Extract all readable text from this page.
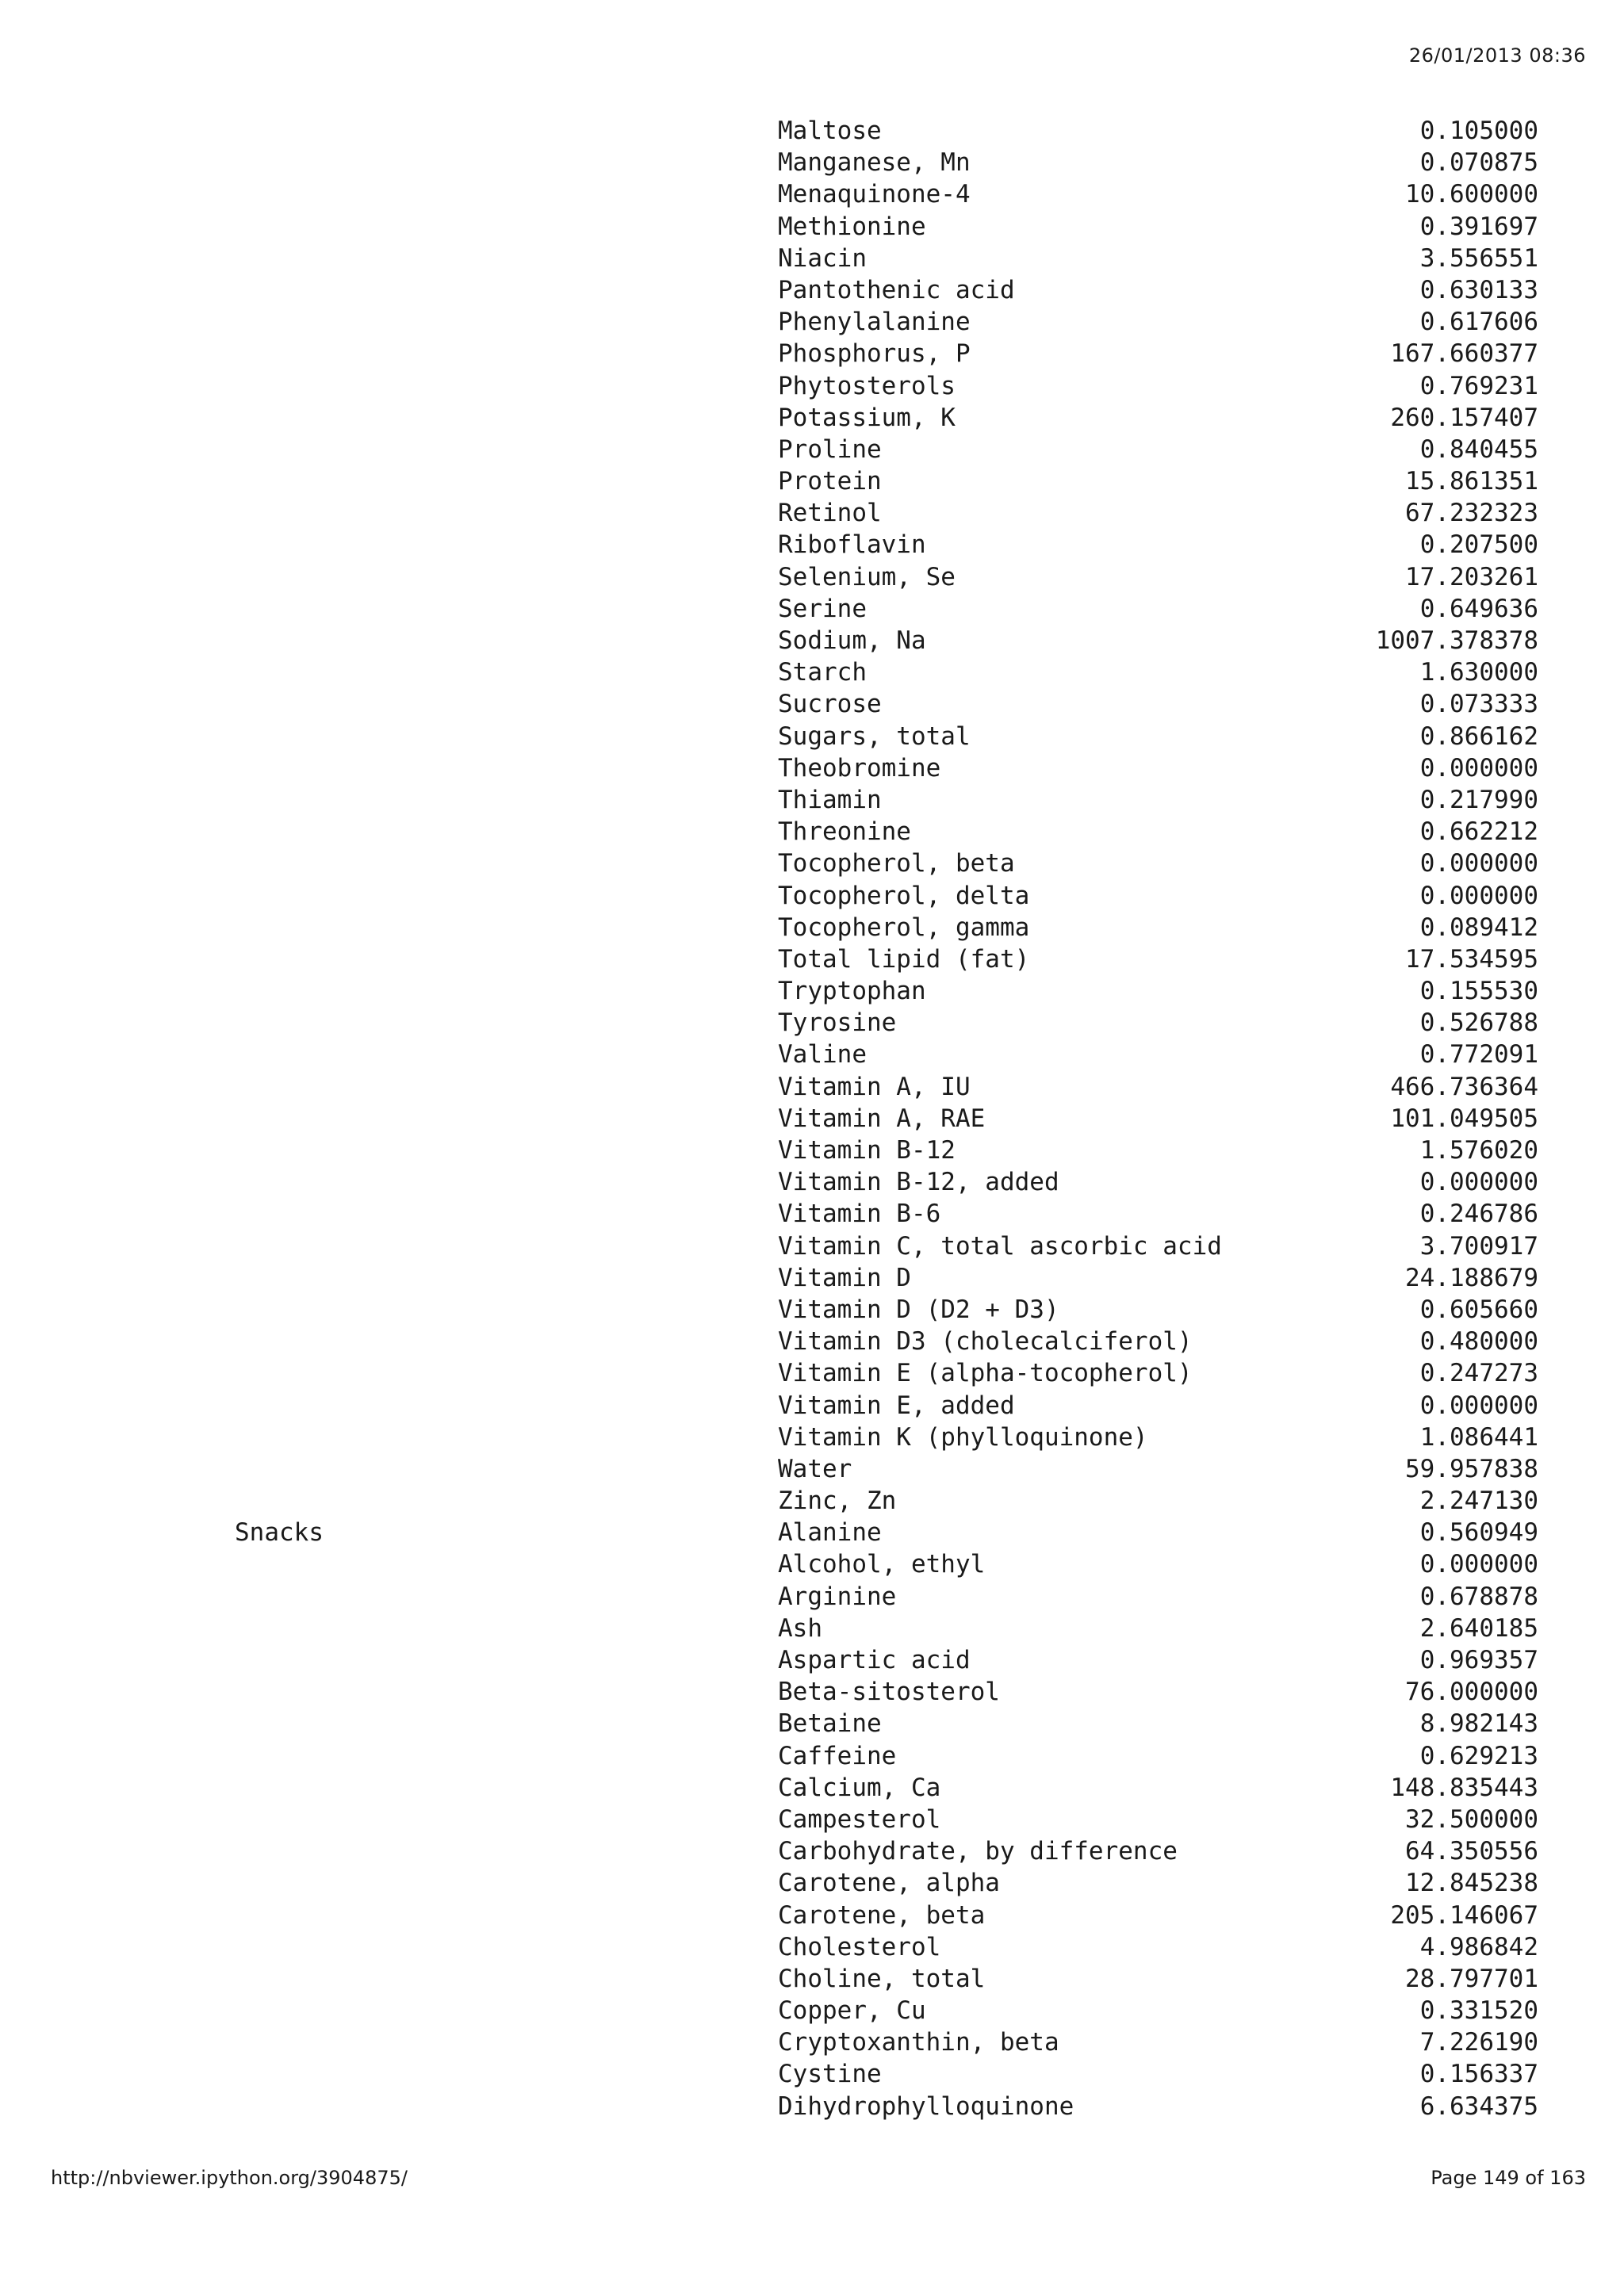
26/01/2013 08:36
Maltose	0.105000
Manganese, Mn	0.070875
Menaquinone-4	10.600000
Methionine	0.391697
Niacin	3.556551
Pantothenic acid	0.630133
Phenylalanine	0.617606
Phosphorus, P	167.660377
Phytosterols	0.769231
Potassium, K	260.157407
Proline	0.840455
Protein	15.861351
Retinol	67.232323
Riboflavin	0.207500
Selenium, Se	17.203261
Serine	0.649636
Sodium, Na	1007.378378
Starch	1.630000
Sucrose	0.073333
Sugars, total	0.866162
Theobromine	0.000000
Thiamin	0.217990
Threonine	0.662212
Tocopherol, beta	0.000000
Tocopherol, delta	0.000000
Tocopherol, gamma	0.089412
Total lipid (fat)	17.534595
Tryptophan	0.155530
Tyrosine	0.526788
Valine	0.772091
Vitamin A, IU	466.736364
Vitamin A, RAE	101.049505
Vitamin B-12	1.576020
Vitamin B-12, added	0.000000
Vitamin B-6	0.246786
Vitamin C, total ascorbic acid	3.700917
Vitamin D	24.188679
Vitamin D (D2 + D3)	0.605660
Vitamin D3 (cholecalciferol)	0.480000
Vitamin E (alpha-tocopherol)	0.247273
Vitamin E, added	0.000000
Vitamin K (phylloquinone)	1.086441
Water	59.957838
Zinc, Zn	2.247130
Snacks	Alanine	0.560949
Alcohol, ethyl	0.000000
Arginine	0.678878
Ash	2.640185
Aspartic acid	0.969357
Beta-sitosterol	76.000000
Betaine	8.982143
Caffeine	0.629213
Calcium, Ca	148.835443
Campesterol	32.500000
Carbohydrate, by difference	64.350556
Carotene, alpha	12.845238
Carotene, beta	205.146067
Cholesterol	4.986842
Choline, total	28.797701
Copper, Cu	0.331520
Cryptoxanthin, beta	7.226190
Cystine	0.156337
Dihydrophylloquinone	6.634375
http://nbviewer.ipython.org/3904875/	Page 149 of 163
